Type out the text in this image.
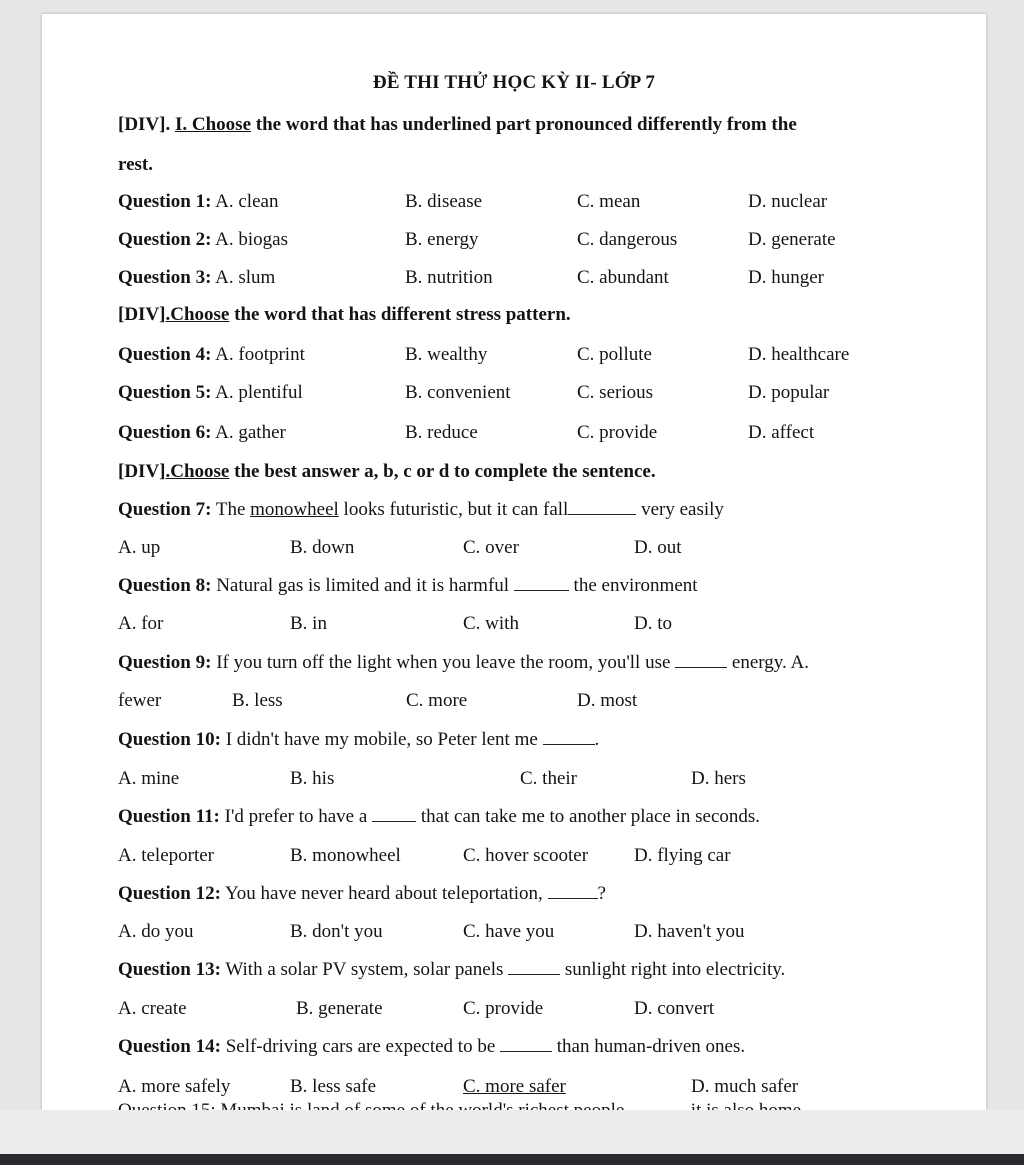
ĐỀ THI THỬ HỌC KỲ II- LỚP 7
[DIV]. I. Choose the word that has underlined part pronounced differently from the
rest.
Question 1: A. clean	B. disease	C. mean	D. nuclear
Question 2: A. biogas	B. energy	C. dangerous	D. generate
Question 3: A. slum	B. nutrition	C. abundant	D. hunger
[DIV].Choose the word that has different stress pattern.
Question 4: A. footprint	B. wealthy	C. pollute	D. healthcare
Question 5: A. plentiful	B. convenient	C. serious	D. popular
Question 6: A. gather	B. reduce	C. provide	D. affect
[DIV].Choose the best answer a, b, c or d to complete the sentence.
Question 7: The monowheel looks futuristic, but it can fall	very easily
A. up	B. down	C. over	D. out
Question 8: Natural gas is limited and it is harmful	the environment
A. for	B. in	C. with	D. to
Question 9: If you turn off the light when you leave the room, you'll use	energy. A.
fewer	B. less	C. more	D. most
Question 10: I didn't have my mobile, so Peter lent me	.
A. mine	B. his	C. their	D. hers
Question 11: I'd prefer to have a	that can take me to another place in seconds.
A. teleporter	B. monowheel	C. hover scooter D. flying car
Question 12: You have never heard about teleportation,	?
A. do you	B. don't you	C. have you	D. haven't you
Question 13: With a solar PV system, solar panels	sunlight right into electricity.
A. create	B. generate	C. provide	D. convert
Question 14: Self-driving cars are expected to be	than human-driven ones.
A. more safely	B. less safe	C. more safer	D. much safer
